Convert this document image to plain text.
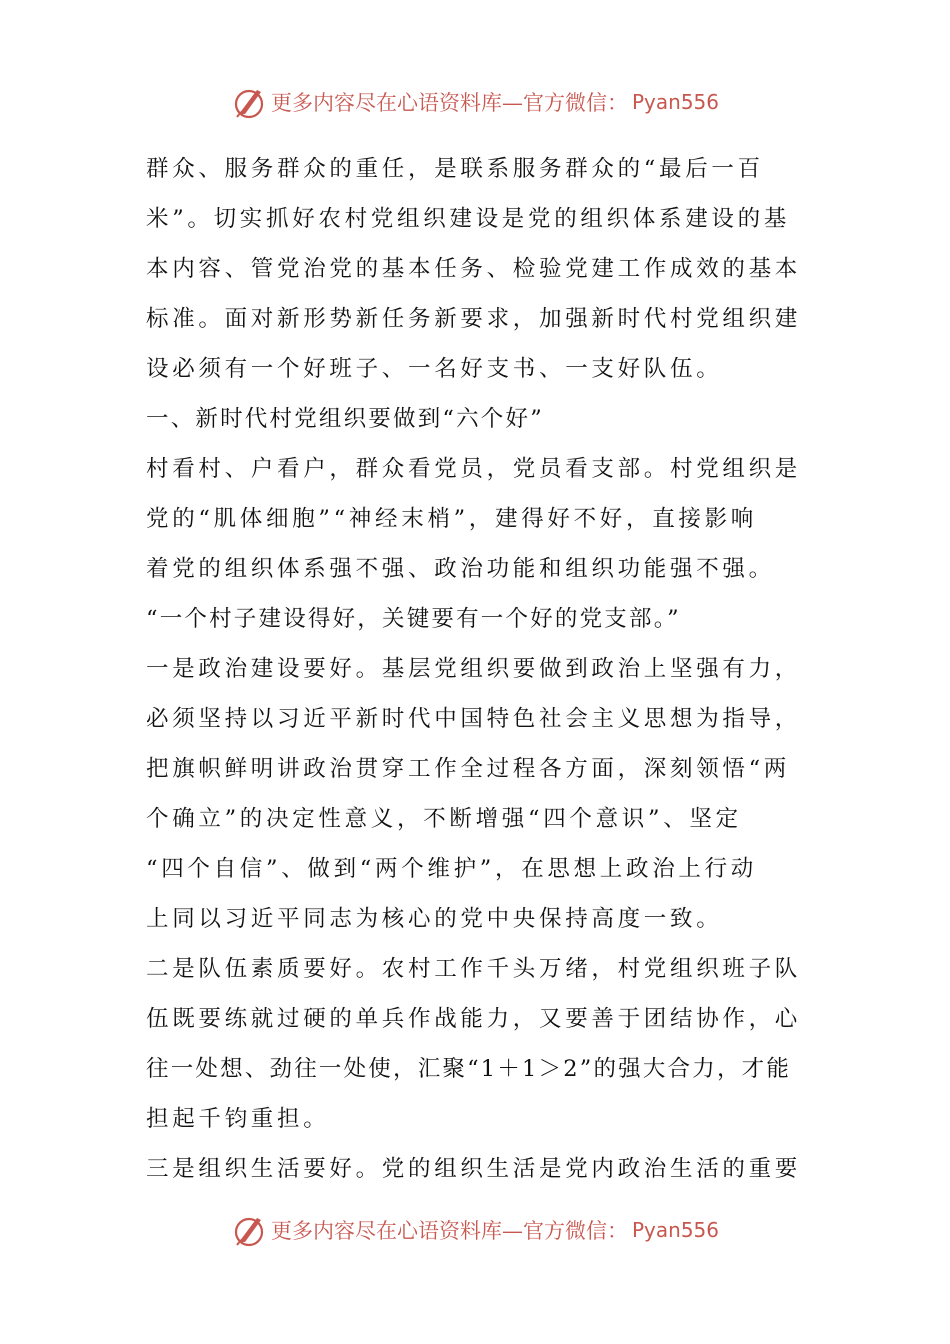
更多内容尽在心语资料库—官方微信： Pyan556
群众、服务群众的重任，是联系服务群众的“最后一百
米”。切实抓好农村党组织建设是党的组织体系建设的基
本内容、管党治党的基本任务、检验党建工作成效的基本
标准。面对新形势新任务新要求，加强新时代村党组织建
设必须有一个好班子、一名好支书、一支好队伍。
一、新时代村党组织要做到“六个好”
村看村、户看户，群众看党员，党员看支部。村党组织是
党的“肌体细胞”“神经末梢”，建得好不好，直接影响
着党的组织体系强不强、政治功能和组织功能强不强。
“一个村子建设得好，关键要有一个好的党支部。”
一是政治建设要好。基层党组织要做到政治上坚强有力，
必须坚持以习近平新时代中国特色社会主义思想为指导，
把旗帜鲜明讲政治贯穿工作全过程各方面，深刻领悟“两
个确立”的决定性意义，不断增强“四个意识”、坚定
“四个自信”、做到“两个维护”，在思想上政治上行动
上同以习近平同志为核心的党中央保持高度一致。
二是队伍素质要好。农村工作千头万绪，村党组织班子队
伍既要练就过硬的单兵作战能力，又要善于团结协作，心
往一处想、劲往一处使，汇聚“1＋1＞2”的强大合力，才能
担起千钧重担。
三是组织生活要好。党的组织生活是党内政治生活的重要
更多内容尽在心语资料库—官方微信： Pyan556
